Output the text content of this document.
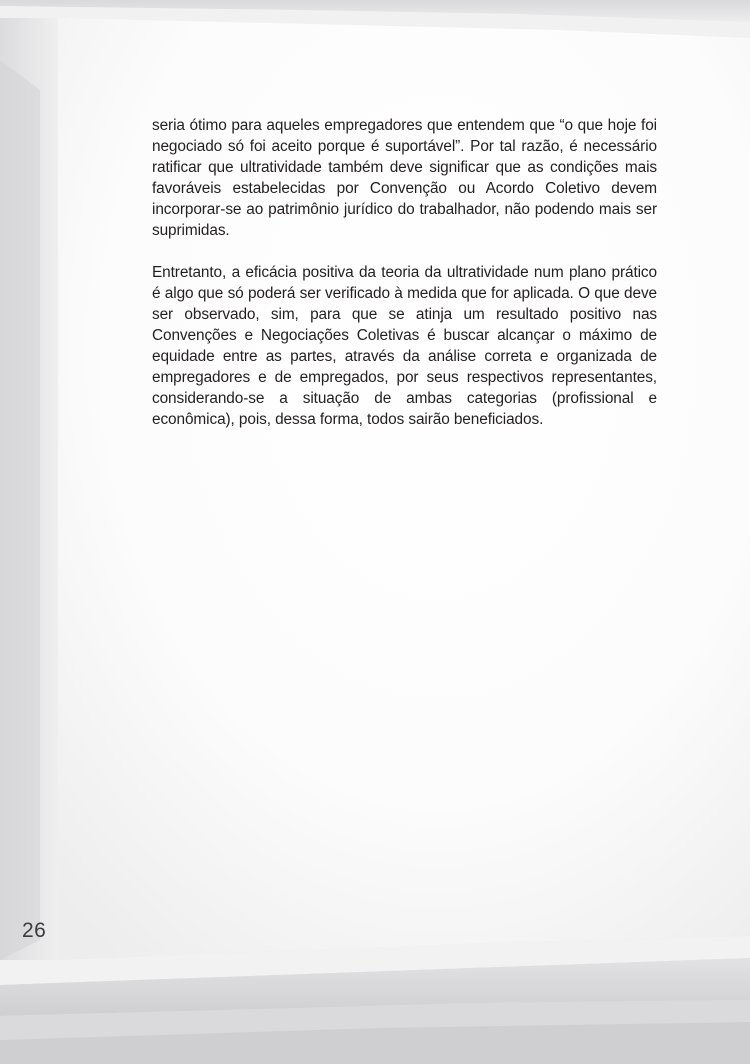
seria ótimo para aqueles empregadores que entendem que “o que hoje foi negociado só foi aceito porque é suportável”. Por tal razão, é necessário ratificar que ultratividade também deve significar que as condições mais favoráveis estabelecidas por Convenção ou Acordo Coletivo devem incorporar-se ao patrimônio jurídico do trabalhador, não podendo mais ser suprimidas.

Entretanto, a eficácia positiva da teoria da ultratividade num plano prático é algo que só poderá ser verificado à medida que for aplicada. O que deve ser observado, sim, para que se atinja um resultado positivo nas Convenções e Negociações Coletivas é buscar alcançar o máximo de equidade entre as partes, através da análise correta e organizada de empregadores e de empregados, por seus respectivos representantes, considerando-se a situação de ambas categorias (profissional e econômica), pois, dessa forma, todos sairão beneficiados.

26
